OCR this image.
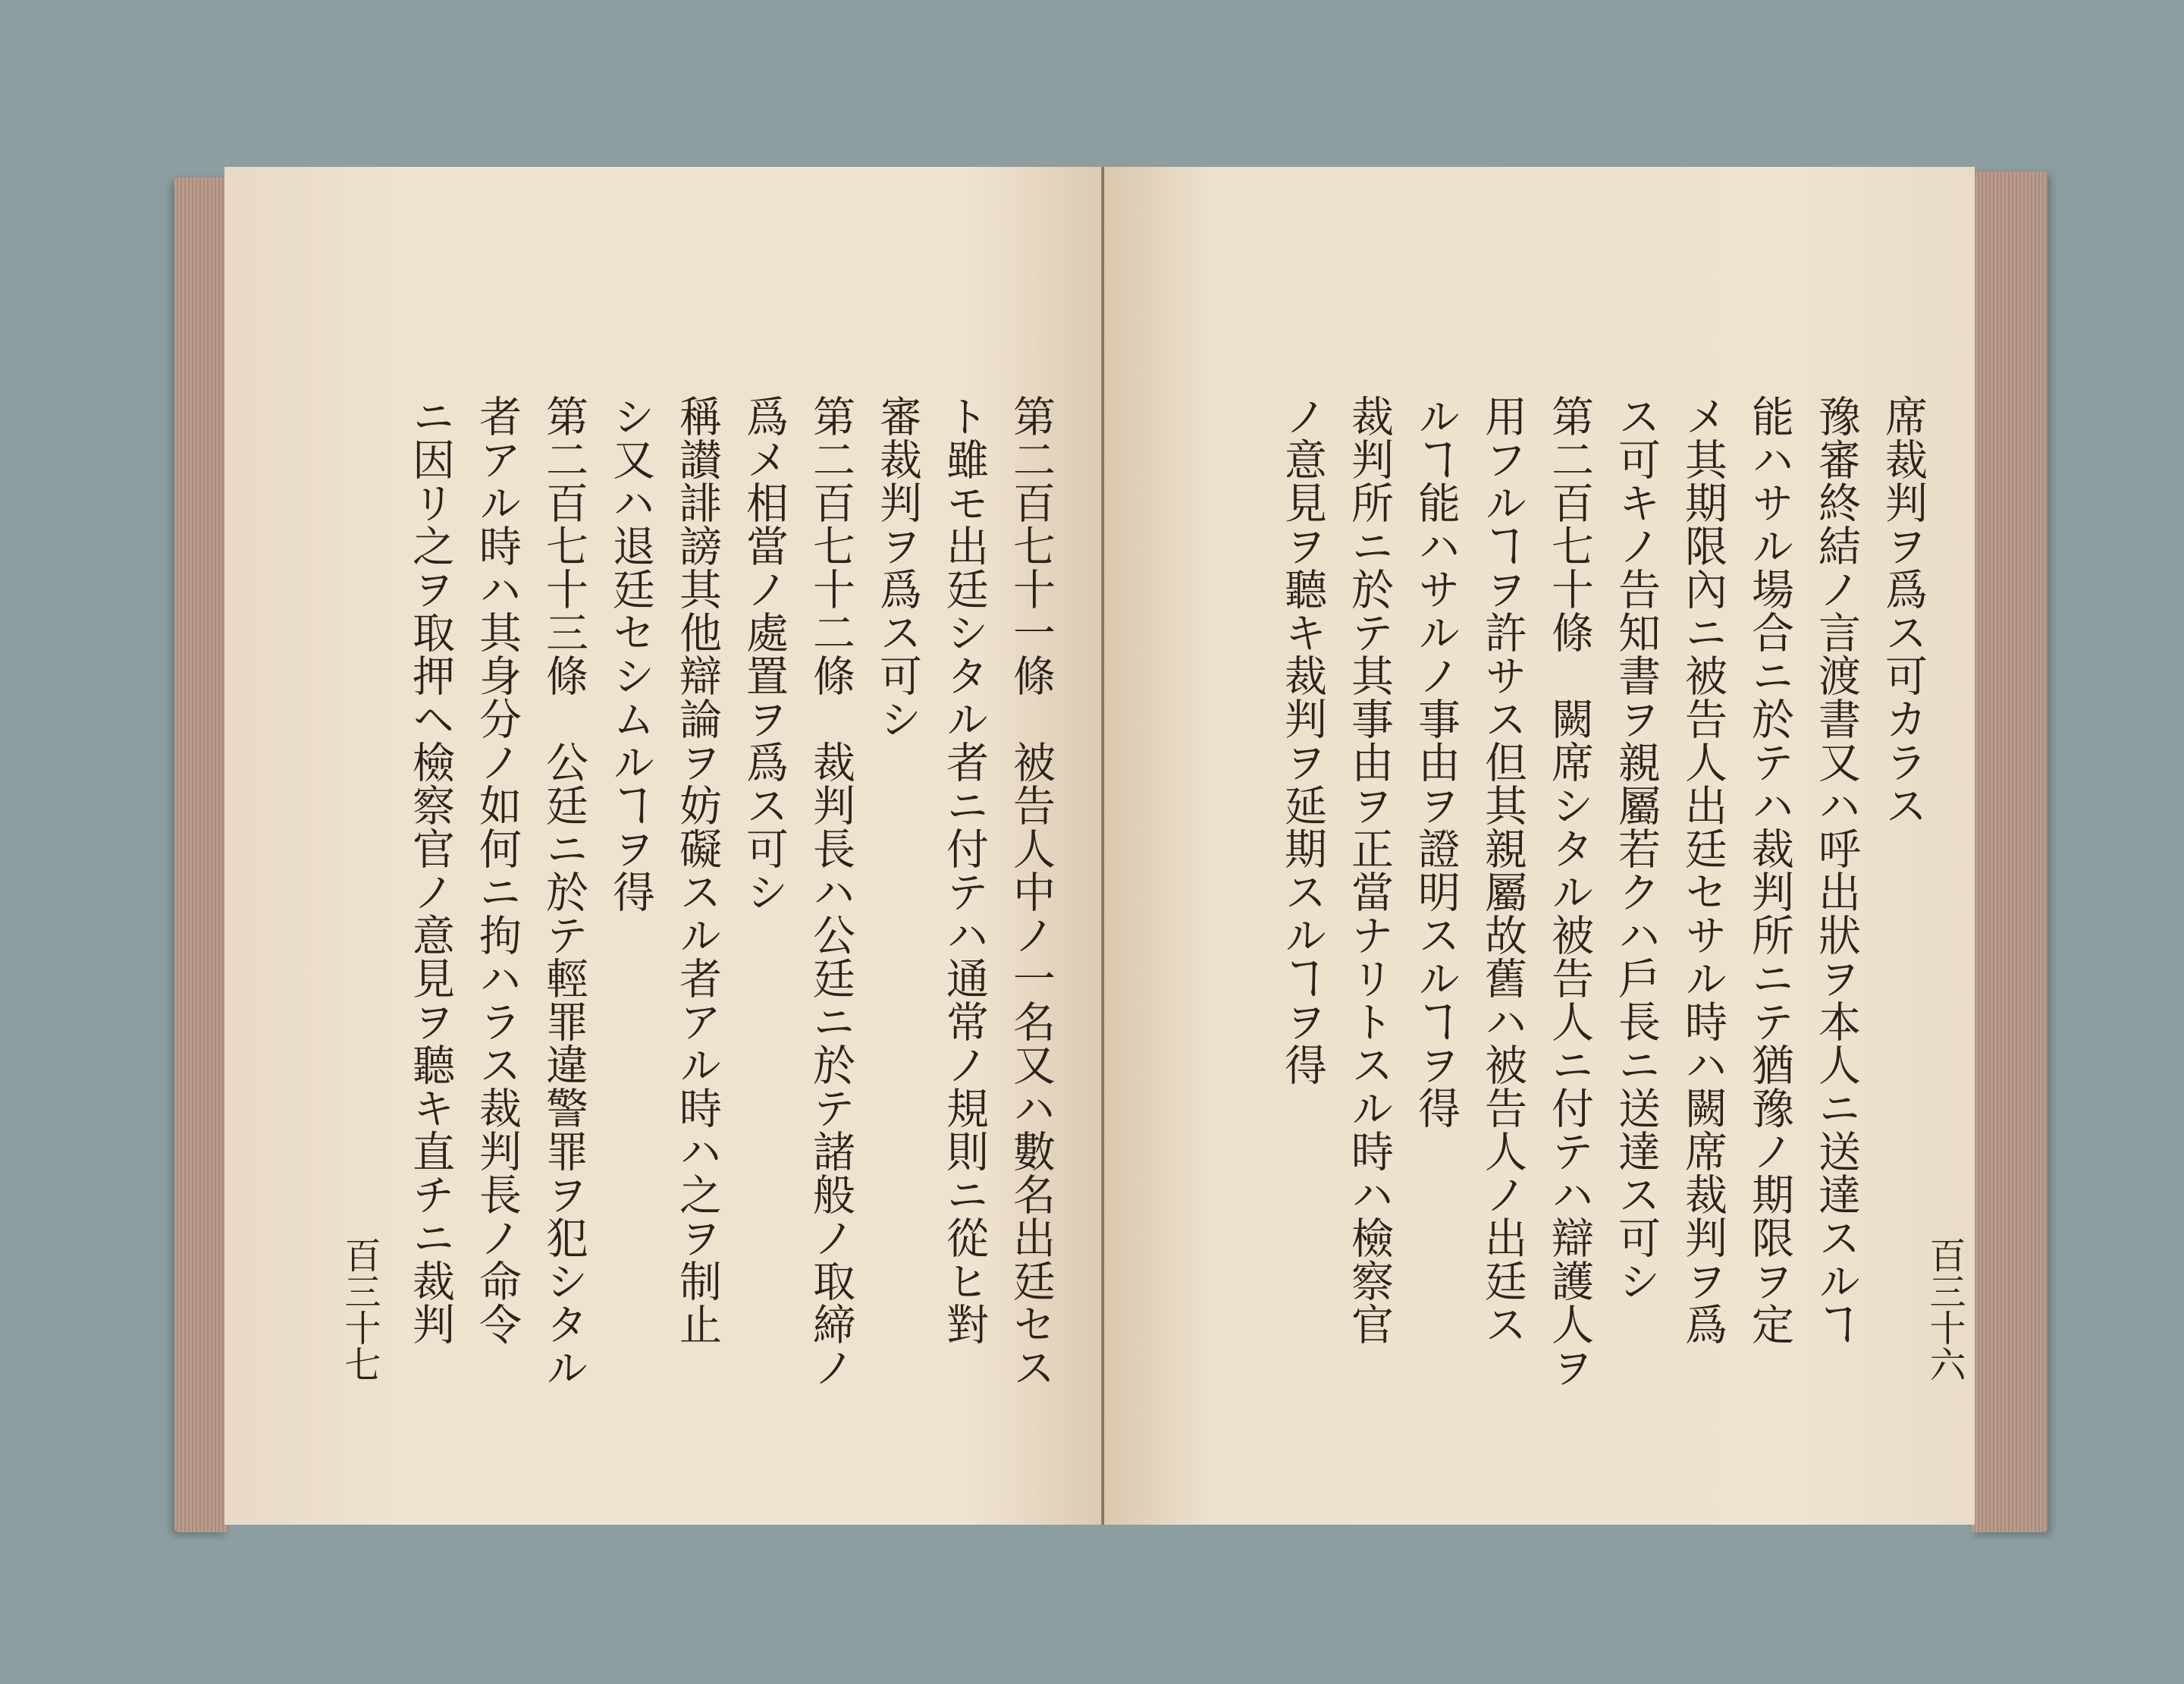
第二百七十一條　被告人中ノ一名又ハ數名出廷セス
ト雖モ出廷シタル者ニ付テハ通常ノ規則ニ從ヒ對
審裁判ヲ爲ス可シ
第二百七十二條　裁判長ハ公廷ニ於テ諸般ノ取締ノ
爲メ相當ノ處置ヲ爲ス可シ
稱讃誹謗其他辯論ヲ妨礙スル者アル時ハ之ヲ制止
シ又ハ退廷セシムルヿヲ得
第二百七十三條　公廷ニ於テ輕罪違警罪ヲ犯シタル
者アル時ハ其身分ノ如何ニ拘ハラス裁判長ノ命令
ニ因リ之ヲ取押ヘ檢察官ノ意見ヲ聽キ直チニ裁判
百三十七
席裁判ヲ爲ス可カラス
豫審終結ノ言渡書又ハ呼出狀ヲ本人ニ送達スルヿ
能ハサル場合ニ於テハ裁判所ニテ猶豫ノ期限ヲ定
メ其期限內ニ被告人出廷セサル時ハ闕席裁判ヲ爲
ス可キノ告知書ヲ親屬若クハ戶長ニ送達ス可シ
第二百七十條　闕席シタル被告人ニ付テハ辯護人ヲ
用フルヿヲ許サス但其親屬故舊ハ被告人ノ出廷ス
ルヿ能ハサルノ事由ヲ證明スルヿヲ得
裁判所ニ於テ其事由ヲ正當ナリトスル時ハ檢察官
ノ意見ヲ聽キ裁判ヲ延期スルヿヲ得
百三十六
